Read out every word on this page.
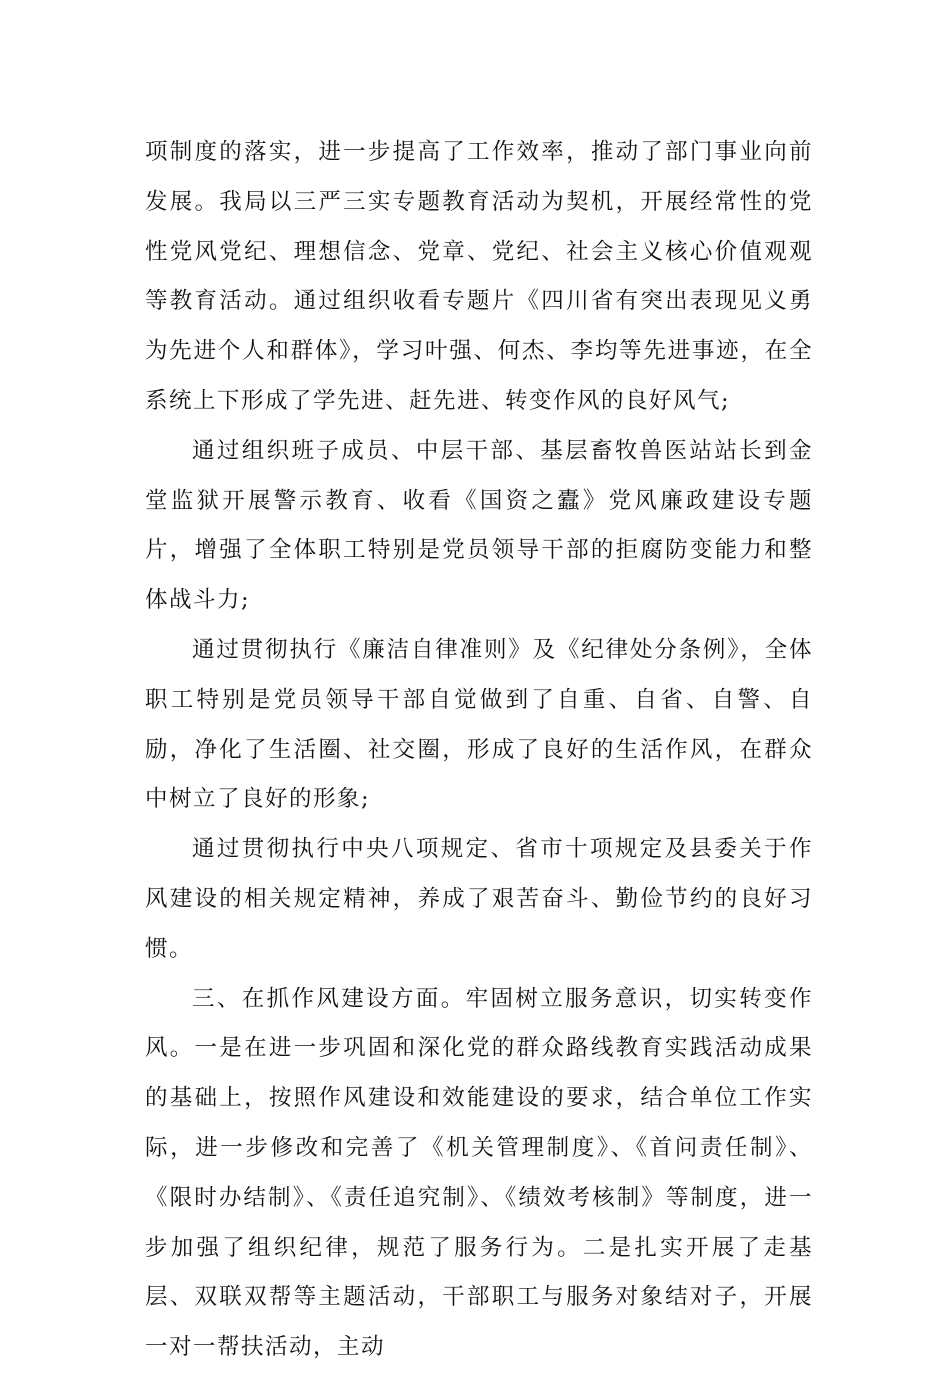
项制度的落实，进一步提高了工作效率，推动了部门事业向前发展。我局以三严三实专题教育活动为契机，开展经常性的党性党风党纪、理想信念、党章、党纪、社会主义核心价值观观等教育活动。通过组织收看专题片《四川省有突出表现见义勇为先进个人和群体》，学习叶强、何杰、李均等先进事迹，在全系统上下形成了学先进、赶先进、转变作风的良好风气;

通过组织班子成员、中层干部、基层畜牧兽医站站长到金堂监狱开展警示教育、收看《国资之蠹》党风廉政建设专题片，增强了全体职工特别是党员领导干部的拒腐防变能力和整体战斗力;

通过贯彻执行《廉洁自律准则》及《纪律处分条例》，全体职工特别是党员领导干部自觉做到了自重、自省、自警、自励，净化了生活圈、社交圈，形成了良好的生活作风，在群众中树立了良好的形象;

通过贯彻执行中央八项规定、省市十项规定及县委关于作风建设的相关规定精神，养成了艰苦奋斗、勤俭节约的良好习惯。

三、在抓作风建设方面。牢固树立服务意识，切实转变作风。一是在进一步巩固和深化党的群众路线教育实践活动成果的基础上，按照作风建设和效能建设的要求，结合单位工作实际，进一步修改和完善了《机关管理制度》、《首问责任制》、《限时办结制》、《责任追究制》、《绩效考核制》等制度，进一步加强了组织纪律，规范了服务行为。二是扎实开展了走基层、双联双帮等主题活动，干部职工与服务对象结对子，开展一对一帮扶活动，主动
